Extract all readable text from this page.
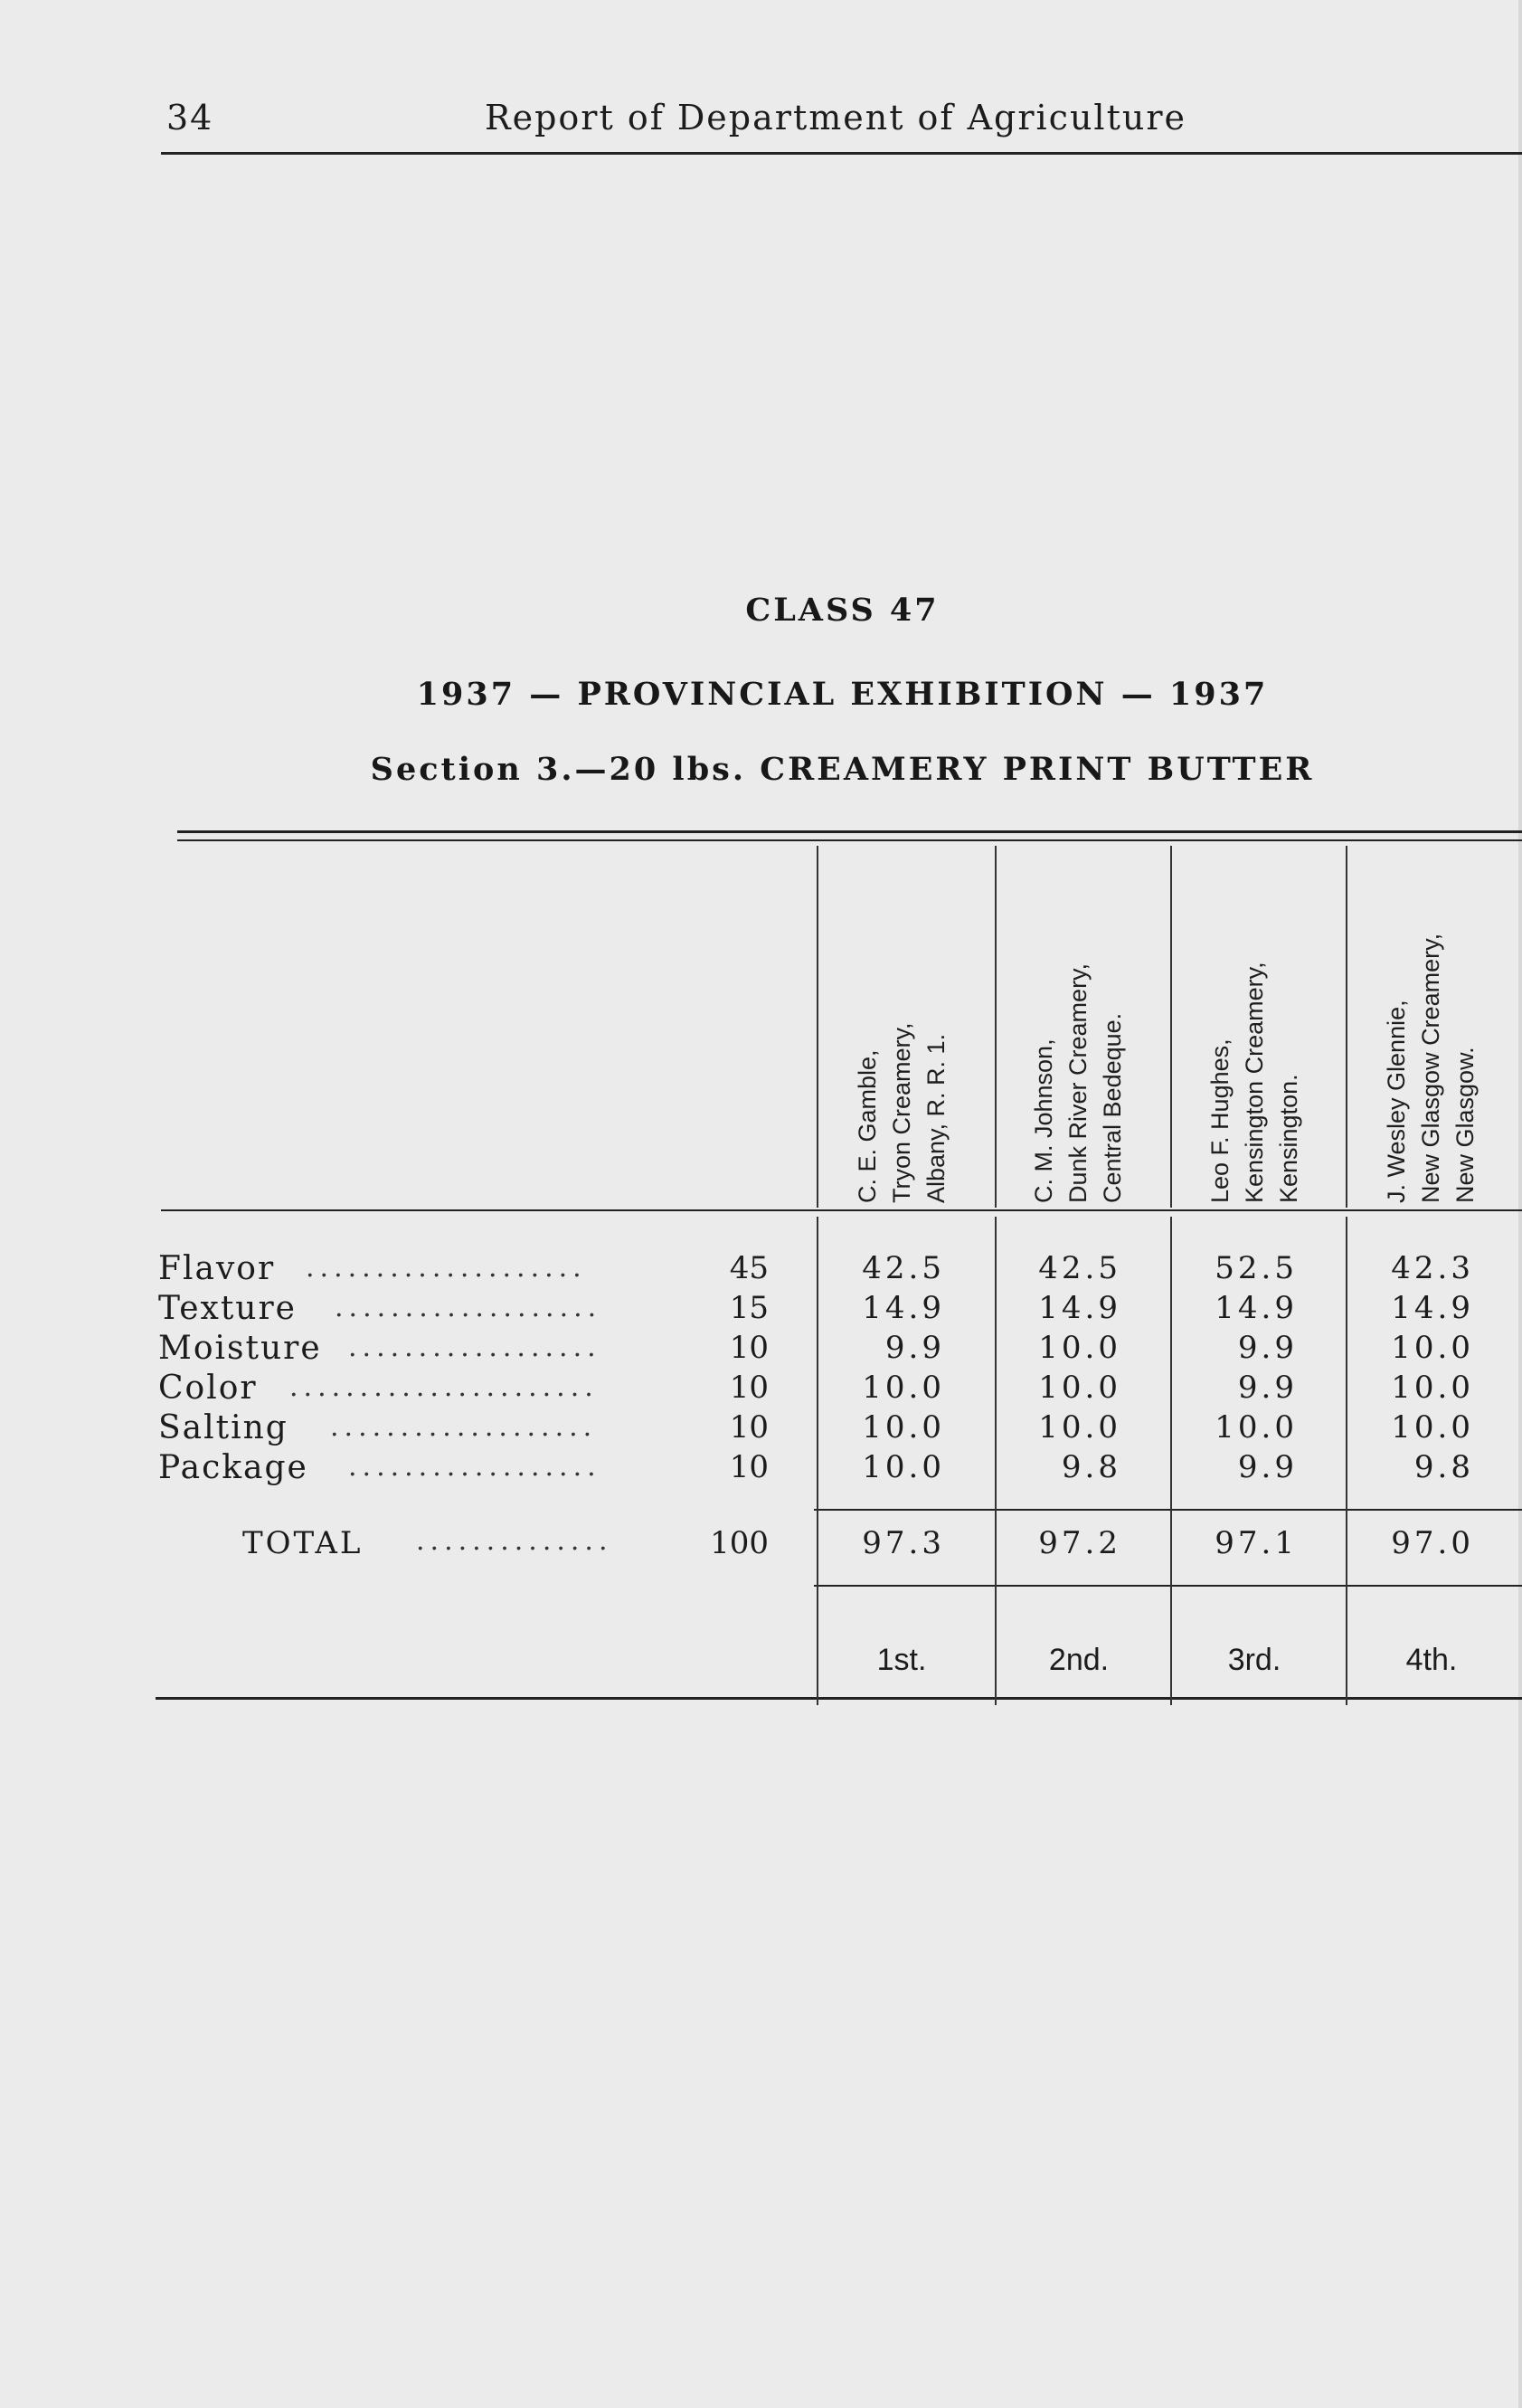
34	Report of Department of Agriculture
CLASS 47
1937 — PROVINCIAL EXHIBITION — 1937
Section 3.—20 lbs. CREAMERY PRINT BUTTER
C. E. Gamble, Tryon Creamery, Albany, R. R. 1.	C. M. Johnson, Dunk River Creamery, Central Bedeque.	Leo F. Hughes, Kensington Creamery, Kensington.	J. Wesley Glennie, New Glasgow Creamery, New Glasgow.
Flavor ....................	45	42.5	42.5	52.5	42.3
Texture ...................	15	14.9	14.9	14.9	14.9
Moisture ..................	10	9.9	10.0	9.9	10.0
Color ......................	10	10.0	10.0	9.9	10.0
Salting ...................	10	10.0	10.0	10.0	10.0
Package ..................	10	10.0	9.8	9.9	9.8
TOTAL ..............	100	97.3	97.2	97.1	97.0
1st.	2nd.	3rd.	4th.
